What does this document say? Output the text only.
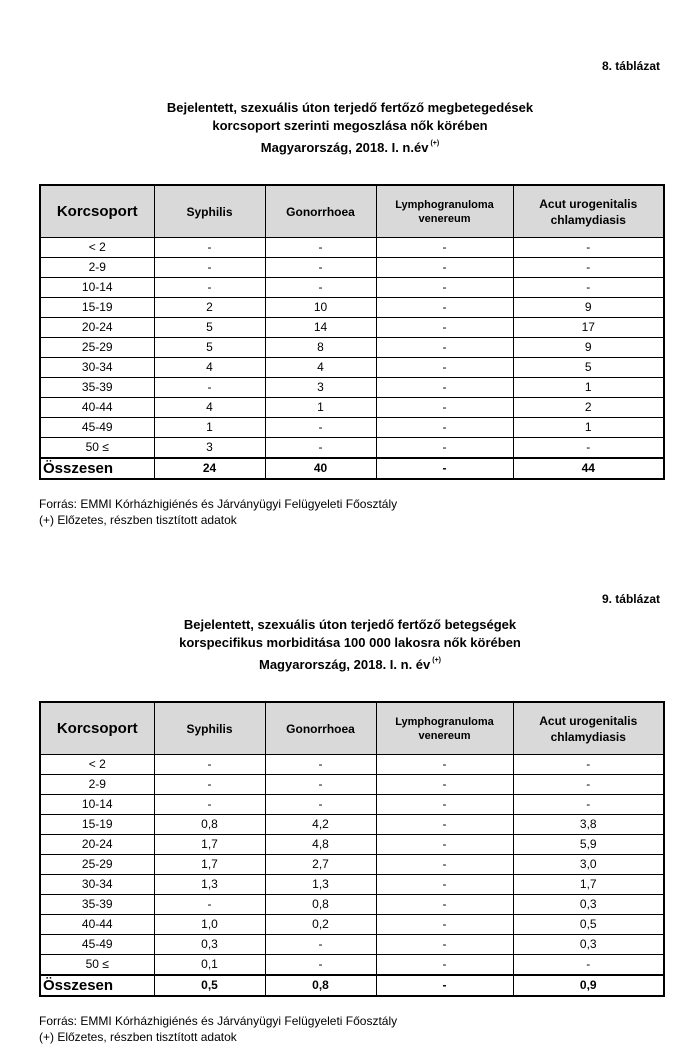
8. táblázat
Bejelentett, szexuális úton terjedő fertőző megbetegedések
korcsoport szerinti megoszlása nők körében
Magyarország, 2018. I. n.év (+)
Korcsoport	Syphilis	Gonorrhoea	Lymphogranuloma venereum	Acut urogenitalis chlamydiasis
< 2	-	-	-	-
2-9	-	-	-	-
10-14	-	-	-	-
15-19	2	10	-	9
20-24	5	14	-	17
25-29	5	8	-	9
30-34	4	4	-	5
35-39	-	3	-	1
40-44	4	1	-	2
45-49	1	-	-	1
50 ≤	3	-	-	-
Összesen	24	40	-	44
Forrás: EMMI Kórházhigiénés és Járványügyi Felügyeleti Főosztály
(+) Előzetes, részben tisztított adatok
9. táblázat
Bejelentett, szexuális úton terjedő fertőző betegségek
korspecifikus morbiditása 100 000 lakosra nők körében
Magyarország, 2018. I. n. év (+)
Korcsoport	Syphilis	Gonorrhoea	Lymphogranuloma venereum	Acut urogenitalis chlamydiasis
< 2	-	-	-	-
2-9	-	-	-	-
10-14	-	-	-	-
15-19	0,8	4,2	-	3,8
20-24	1,7	4,8	-	5,9
25-29	1,7	2,7	-	3,0
30-34	1,3	1,3	-	1,7
35-39	-	0,8	-	0,3
40-44	1,0	0,2	-	0,5
45-49	0,3	-	-	0,3
50 ≤	0,1	-	-	-
Összesen	0,5	0,8	-	0,9
Forrás: EMMI Kórházhigiénés és Járványügyi Felügyeleti Főosztály
(+) Előzetes, részben tisztított adatok
